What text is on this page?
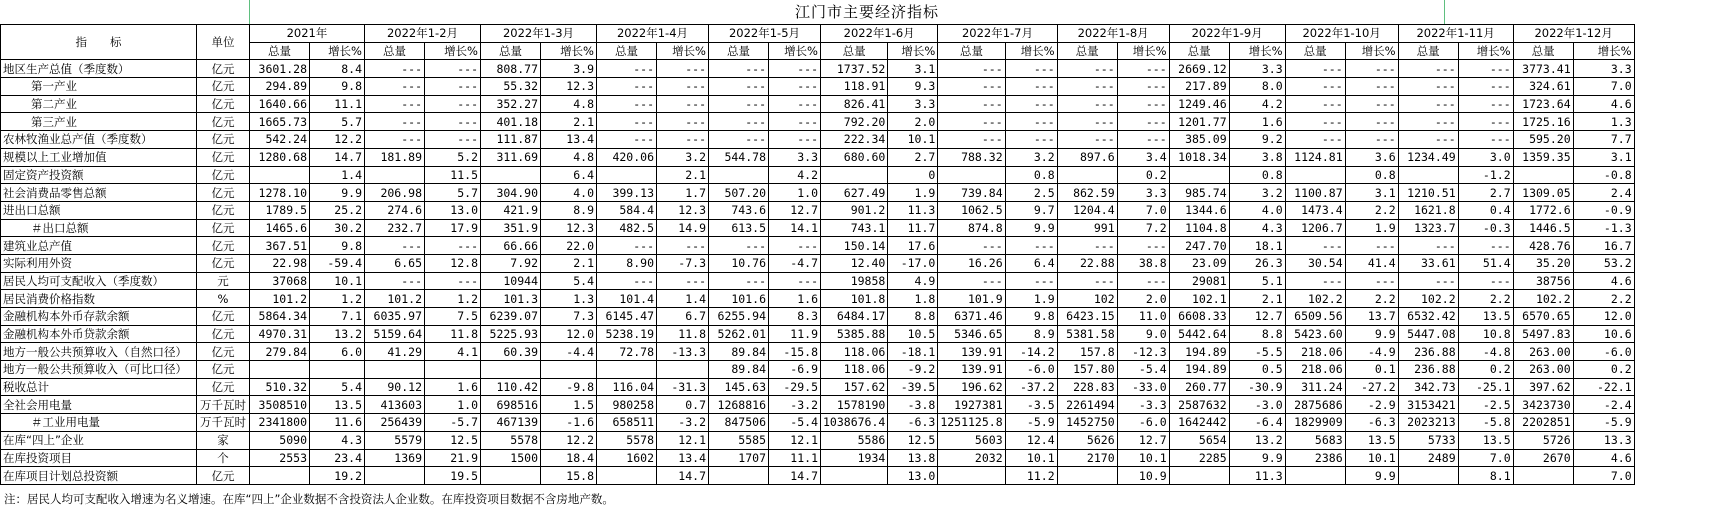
江门市主要经济指标
指　　标	单位	2021年		2022年1-2月		2022年1-3月		2022年1-4月		2022年1-5月		2022年1-6月		2022年1-7月		2022年1-8月		2022年1-9月		2022年1-10月		2022年1-11月		2022年1-12月	
		总量	增长%	总量	增长%	总量	增长%	总量	增长%	总量	增长%	总量	增长%	总量	增长%	总量	增长%	总量	增长%	总量	增长%	总量	增长%	总量	增长%
地区生产总值（季度数）	亿元	3601.28	8.4	---	---	808.77	3.9	---	---	---	---	1737.52	3.1	---	---	---	---	2669.12	3.3	---	---	---	---	3773.41	3.3
第一产业	亿元	294.89	9.8	---	---	55.32	12.3	---	---	---	---	118.91	9.3	---	---	---	---	217.89	8.0	---	---	---	---	324.61	7.0
第二产业	亿元	1640.66	11.1	---	---	352.27	4.8	---	---	---	---	826.41	3.3	---	---	---	---	1249.46	4.2	---	---	---	---	1723.64	4.6
第三产业	亿元	1665.73	5.7	---	---	401.18	2.1	---	---	---	---	792.20	2.0	---	---	---	---	1201.77	1.6	---	---	---	---	1725.16	1.3
农林牧渔业总产值（季度数）	亿元	542.24	12.2	---	---	111.87	13.4	---	---	---	---	222.34	10.1	---	---	---	---	385.09	9.2	---	---	---	---	595.20	7.7
规模以上工业增加值	亿元	1280.68	14.7	181.89	5.2	311.69	4.8	420.06	3.2	544.78	3.3	680.60	2.7	788.32	3.2	897.6	3.4	1018.34	3.8	1124.81	3.6	1234.49	3.0	1359.35	3.1
固定资产投资额	亿元		1.4		11.5		6.4		2.1		4.2		0		0.8		0.2		0.8		0.8		-1.2		-0.8
社会消费品零售总额	亿元	1278.10	9.9	206.98	5.7	304.90	4.0	399.13	1.7	507.20	1.0	627.49	1.9	739.84	2.5	862.59	3.3	985.74	3.2	1100.87	3.1	1210.51	2.7	1309.05	2.4
进出口总额	亿元	1789.5	25.2	274.6	13.0	421.9	8.9	584.4	12.3	743.6	12.7	901.2	11.3	1062.5	9.7	1204.4	7.0	1344.6	4.0	1473.4	2.2	1621.8	0.4	1772.6	-0.9
＃出口总额	亿元	1465.6	30.2	232.7	17.9	351.9	12.3	482.5	14.9	613.5	14.1	743.1	11.7	874.8	9.9	991	7.2	1104.8	4.3	1206.7	1.9	1323.7	-0.3	1446.5	-1.3
建筑业总产值	亿元	367.51	9.8	---	---	66.66	22.0	---	---	---	---	150.14	17.6	---	---	---	---	247.70	18.1	---	---	---	---	428.76	16.7
实际利用外资	亿元	22.98	-59.4	6.65	12.8	7.92	2.1	8.90	-7.3	10.76	-4.7	12.40	-17.0	16.26	6.4	22.88	38.8	23.09	26.3	30.54	41.4	33.61	51.4	35.20	53.2
居民人均可支配收入（季度数）	元	37068	10.1	---	---	10944	5.4	---	---	---	---	19858	4.9	---	---	---	---	29081	5.1	---	---	---	---	38756	4.6
居民消费价格指数	%	101.2	1.2	101.2	1.2	101.3	1.3	101.4	1.4	101.6	1.6	101.8	1.8	101.9	1.9	102	2.0	102.1	2.1	102.2	2.2	102.2	2.2	102.2	2.2
金融机构本外币存款余额	亿元	5864.34	7.1	6035.97	7.5	6239.07	7.3	6145.47	6.7	6255.94	8.3	6484.17	8.8	6371.46	9.8	6423.15	11.0	6608.33	12.7	6509.56	13.7	6532.42	13.5	6570.65	12.0
金融机构本外币贷款余额	亿元	4970.31	13.2	5159.64	11.8	5225.93	12.0	5238.19	11.8	5262.01	11.9	5385.88	10.5	5346.65	8.9	5381.58	9.0	5442.64	8.8	5423.60	9.9	5447.08	10.8	5497.83	10.6
地方一般公共预算收入（自然口径）	亿元	279.84	6.0	41.29	4.1	60.39	-4.4	72.78	-13.3	89.84	-15.8	118.06	-18.1	139.91	-14.2	157.8	-12.3	194.89	-5.5	218.06	-4.9	236.88	-4.8	263.00	-6.0
地方一般公共预算收入（可比口径）	亿元									89.84	-6.9	118.06	-9.2	139.91	-6.0	157.80	-5.4	194.89	0.5	218.06	0.1	236.88	0.2	263.00	0.2
税收总计	亿元	510.32	5.4	90.12	1.6	110.42	-9.8	116.04	-31.3	145.63	-29.5	157.62	-39.5	196.62	-37.2	228.83	-33.0	260.77	-30.9	311.24	-27.2	342.73	-25.1	397.62	-22.1
全社会用电量	万千瓦时	3508510	13.5	413603	1.0	698516	1.5	980258	0.7	1268816	-3.2	1578190	-3.8	1927381	-3.5	2261494	-3.3	2587632	-3.0	2875686	-2.9	3153421	-2.5	3423730	-2.4
＃工业用电量	万千瓦时	2341800	11.6	256439	-5.7	467139	-1.6	658511	-3.2	847506	-5.4	1038676.4	-6.3	1251125.8	-5.9	1452750	-6.0	1642442	-6.4	1829909	-6.3	2023213	-5.8	2202851	-5.9
在库“四上”企业	家	5090	4.3	5579	12.5	5578	12.2	5578	12.1	5585	12.1	5586	12.5	5603	12.4	5626	12.7	5654	13.2	5683	13.5	5733	13.5	5726	13.3
在库投资项目	个	2553	23.4	1369	21.9	1500	18.4	1602	13.4	1707	11.1	1934	13.8	2032	10.1	2170	10.1	2285	9.9	2386	10.1	2489	7.0	2670	4.6
在库项目计划总投资额	亿元		19.2		19.5		15.8		14.7		14.7		13.0		11.2		10.9		11.3		9.9		8.1		7.0
注：居民人均可支配收入增速为名义增速。在库“四上”企业数据不含投资法人企业数。在库投资项目数据不含房地产数。
